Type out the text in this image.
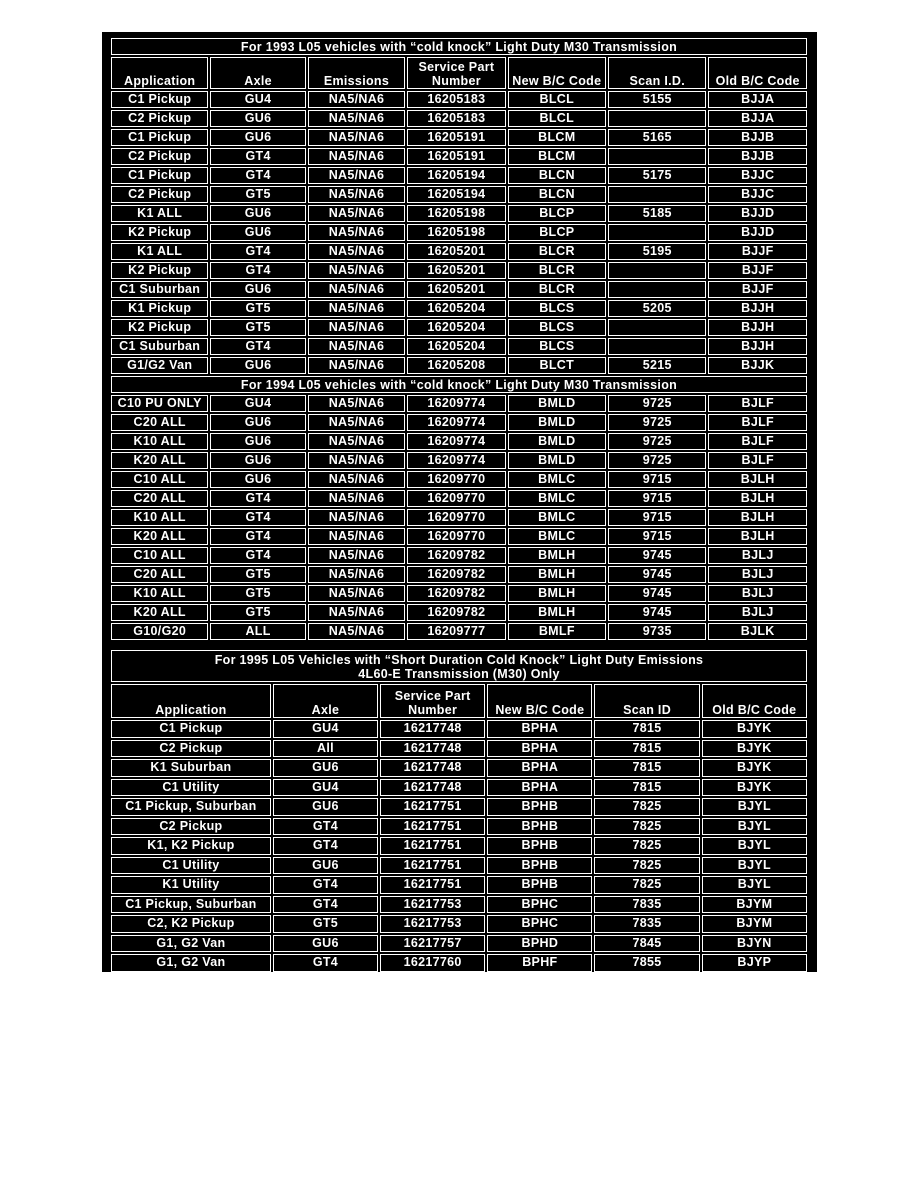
For 1993 L05 vehicles with “cold knock” Light Duty M30 Transmission						
Application	Axle	Emissions	Service Part Number	New B/C Code	Scan I.D.	Old B/C Code
C1 Pickup	GU4	NA5/NA6	16205183	BLCL	5155	BJJA
C2 Pickup	GU6	NA5/NA6	16205183	BLCL		BJJA
C1 Pickup	GU6	NA5/NA6	16205191	BLCM	5165	BJJB
C2 Pickup	GT4	NA5/NA6	16205191	BLCM		BJJB
C1 Pickup	GT4	NA5/NA6	16205194	BLCN	5175	BJJC
C2 Pickup	GT5	NA5/NA6	16205194	BLCN		BJJC
K1 ALL	GU6	NA5/NA6	16205198	BLCP	5185	BJJD
K2 Pickup	GU6	NA5/NA6	16205198	BLCP		BJJD
K1 ALL	GT4	NA5/NA6	16205201	BLCR	5195	BJJF
K2 Pickup	GT4	NA5/NA6	16205201	BLCR		BJJF
C1 Suburban	GU6	NA5/NA6	16205201	BLCR		BJJF
K1 Pickup	GT5	NA5/NA6	16205204	BLCS	5205	BJJH
K2 Pickup	GT5	NA5/NA6	16205204	BLCS		BJJH
C1 Suburban	GT4	NA5/NA6	16205204	BLCS		BJJH
G1/G2 Van	GU6	NA5/NA6	16205208	BLCT	5215	BJJK
For 1994 L05 vehicles with “cold knock” Light Duty M30 Transmission						
C10 PU ONLY	GU4	NA5/NA6	16209774	BMLD	9725	BJLF
C20 ALL	GU6	NA5/NA6	16209774	BMLD	9725	BJLF
K10 ALL	GU6	NA5/NA6	16209774	BMLD	9725	BJLF
K20 ALL	GU6	NA5/NA6	16209774	BMLD	9725	BJLF
C10 ALL	GU6	NA5/NA6	16209770	BMLC	9715	BJLH
C20 ALL	GT4	NA5/NA6	16209770	BMLC	9715	BJLH
K10 ALL	GT4	NA5/NA6	16209770	BMLC	9715	BJLH
K20 ALL	GT4	NA5/NA6	16209770	BMLC	9715	BJLH
C10 ALL	GT4	NA5/NA6	16209782	BMLH	9745	BJLJ
C20 ALL	GT5	NA5/NA6	16209782	BMLH	9745	BJLJ
K10 ALL	GT5	NA5/NA6	16209782	BMLH	9745	BJLJ
K20 ALL	GT5	NA5/NA6	16209782	BMLH	9745	BJLJ
G10/G20	ALL	NA5/NA6	16209777	BMLF	9735	BJLK
For 1995 L05 Vehicles with “Short Duration Cold Knock” Light Duty Emissions
4L60-E Transmission (M30) Only					
Application	Axle	Service Part Number	New B/C Code	Scan ID	Old B/C Code
C1 Pickup	GU4	16217748	BPHA	7815	BJYK
C2 Pickup	All	16217748	BPHA	7815	BJYK
K1 Suburban	GU6	16217748	BPHA	7815	BJYK
C1 Utility	GU4	16217748	BPHA	7815	BJYK
C1 Pickup, Suburban	GU6	16217751	BPHB	7825	BJYL
C2 Pickup	GT4	16217751	BPHB	7825	BJYL
K1, K2 Pickup	GT4	16217751	BPHB	7825	BJYL
C1 Utility	GU6	16217751	BPHB	7825	BJYL
K1 Utility	GT4	16217751	BPHB	7825	BJYL
C1 Pickup, Suburban	GT4	16217753	BPHC	7835	BJYM
C2, K2 Pickup	GT5	16217753	BPHC	7835	BJYM
G1, G2 Van	GU6	16217757	BPHD	7845	BJYN
G1, G2 Van	GT4	16217760	BPHF	7855	BJYP
